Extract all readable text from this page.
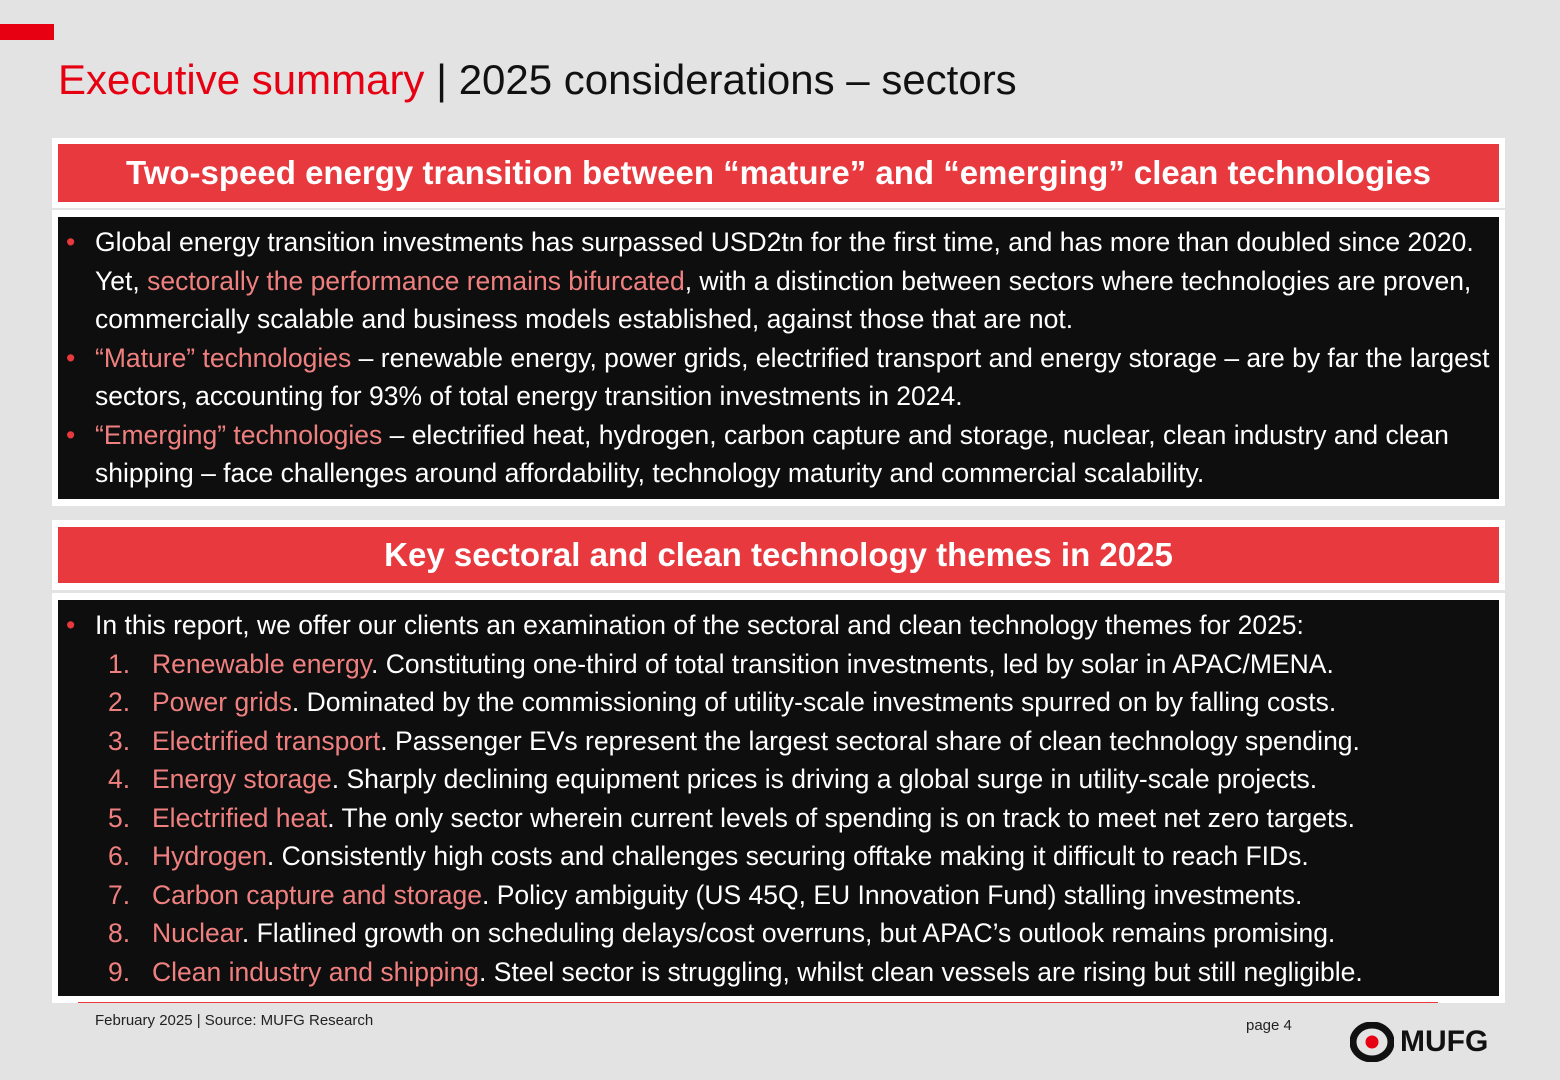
Executive summary | 2025 considerations – sectors
Two-speed energy transition between “mature” and “emerging” clean technologies
• Global energy transition investments has surpassed USD2tn for the first time, and has more than doubled since 2020. Yet, sectorally the performance remains bifurcated, with a distinction between sectors where technologies are proven, commercially scalable and business models established, against those that are not.
• “Mature” technologies – renewable energy, power grids, electrified transport and energy storage – are by far the largest sectors, accounting for 93% of total energy transition investments in 2024.
• “Emerging” technologies – electrified heat, hydrogen, carbon capture and storage, nuclear, clean industry and clean shipping – face challenges around affordability, technology maturity and commercial scalability.
Key sectoral and clean technology themes in 2025
• In this report, we offer our clients an examination of the sectoral and clean technology themes for 2025:
1. Renewable energy. Constituting one-third of total transition investments, led by solar in APAC/MENA.
2. Power grids. Dominated by the commissioning of utility-scale investments spurred on by falling costs.
3. Electrified transport. Passenger EVs represent the largest sectoral share of clean technology spending.
4. Energy storage. Sharply declining equipment prices is driving a global surge in utility-scale projects.
5. Electrified heat. The only sector wherein current levels of spending is on track to meet net zero targets.
6. Hydrogen. Consistently high costs and challenges securing offtake making it difficult to reach FIDs.
7. Carbon capture and storage. Policy ambiguity (US 45Q, EU Innovation Fund) stalling investments.
8. Nuclear. Flatlined growth on scheduling delays/cost overruns, but APAC’s outlook remains promising.
9. Clean industry and shipping. Steel sector is struggling, whilst clean vessels are rising but still negligible.
February 2025 | Source: MUFG Research	page 4	MUFG
